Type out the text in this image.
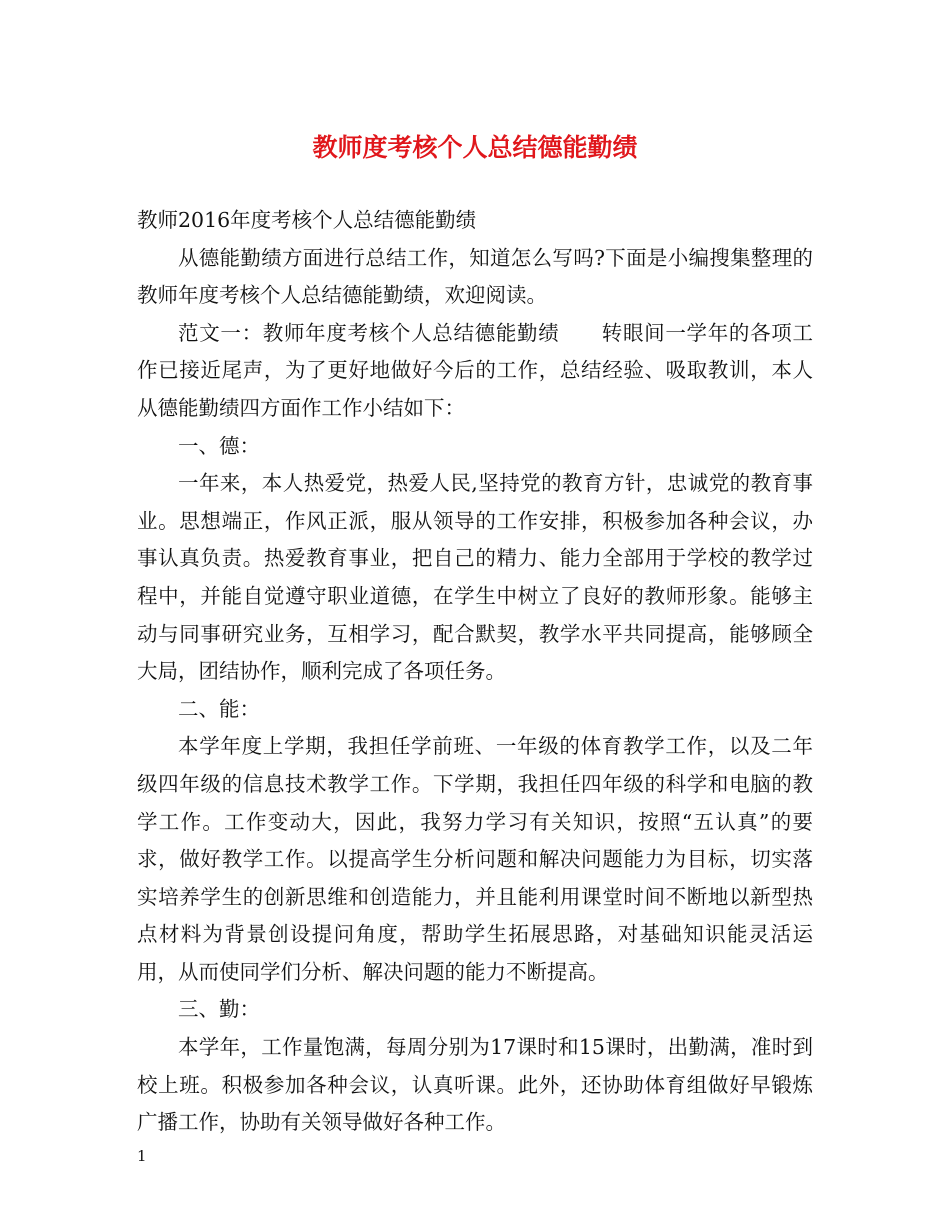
教师度考核个人总结德能勤绩

教师2016年度考核个人总结德能勤绩

从德能勤绩方面进行总结工作，知道怎么写吗?下面是小编搜集整理的教师年度考核个人总结德能勤绩，欢迎阅读。

范文一：教师年度考核个人总结德能勤绩　　转眼间一学年的各项工作已接近尾声，为了更好地做好今后的工作，总结经验、吸取教训，本人从德能勤绩四方面作工作小结如下：

一、德：

一年来，本人热爱党，热爱人民,坚持党的教育方针，忠诚党的教育事业。思想端正，作风正派，服从领导的工作安排，积极参加各种会议，办事认真负责。热爱教育事业，把自己的精力、能力全部用于学校的教学过程中，并能自觉遵守职业道德，在学生中树立了良好的教师形象。能够主动与同事研究业务，互相学习，配合默契，教学水平共同提高，能够顾全大局，团结协作，顺利完成了各项任务。

二、能：

本学年度上学期，我担任学前班、一年级的体育教学工作，以及二年级四年级的信息技术教学工作。下学期，我担任四年级的科学和电脑的教学工作。工作变动大，因此，我努力学习有关知识，按照“五认真”的要求，做好教学工作。以提高学生分析问题和解决问题能力为目标，切实落实培养学生的创新思维和创造能力，并且能利用课堂时间不断地以新型热点材料为背景创设提问角度，帮助学生拓展思路，对基础知识能灵活运用，从而使同学们分析、解决问题的能力不断提高。

三、勤：

本学年，工作量饱满，每周分别为17课时和15课时，出勤满，准时到校上班。积极参加各种会议，认真听课。此外，还协助体育组做好早锻炼广播工作，协助有关领导做好各种工作。

1
